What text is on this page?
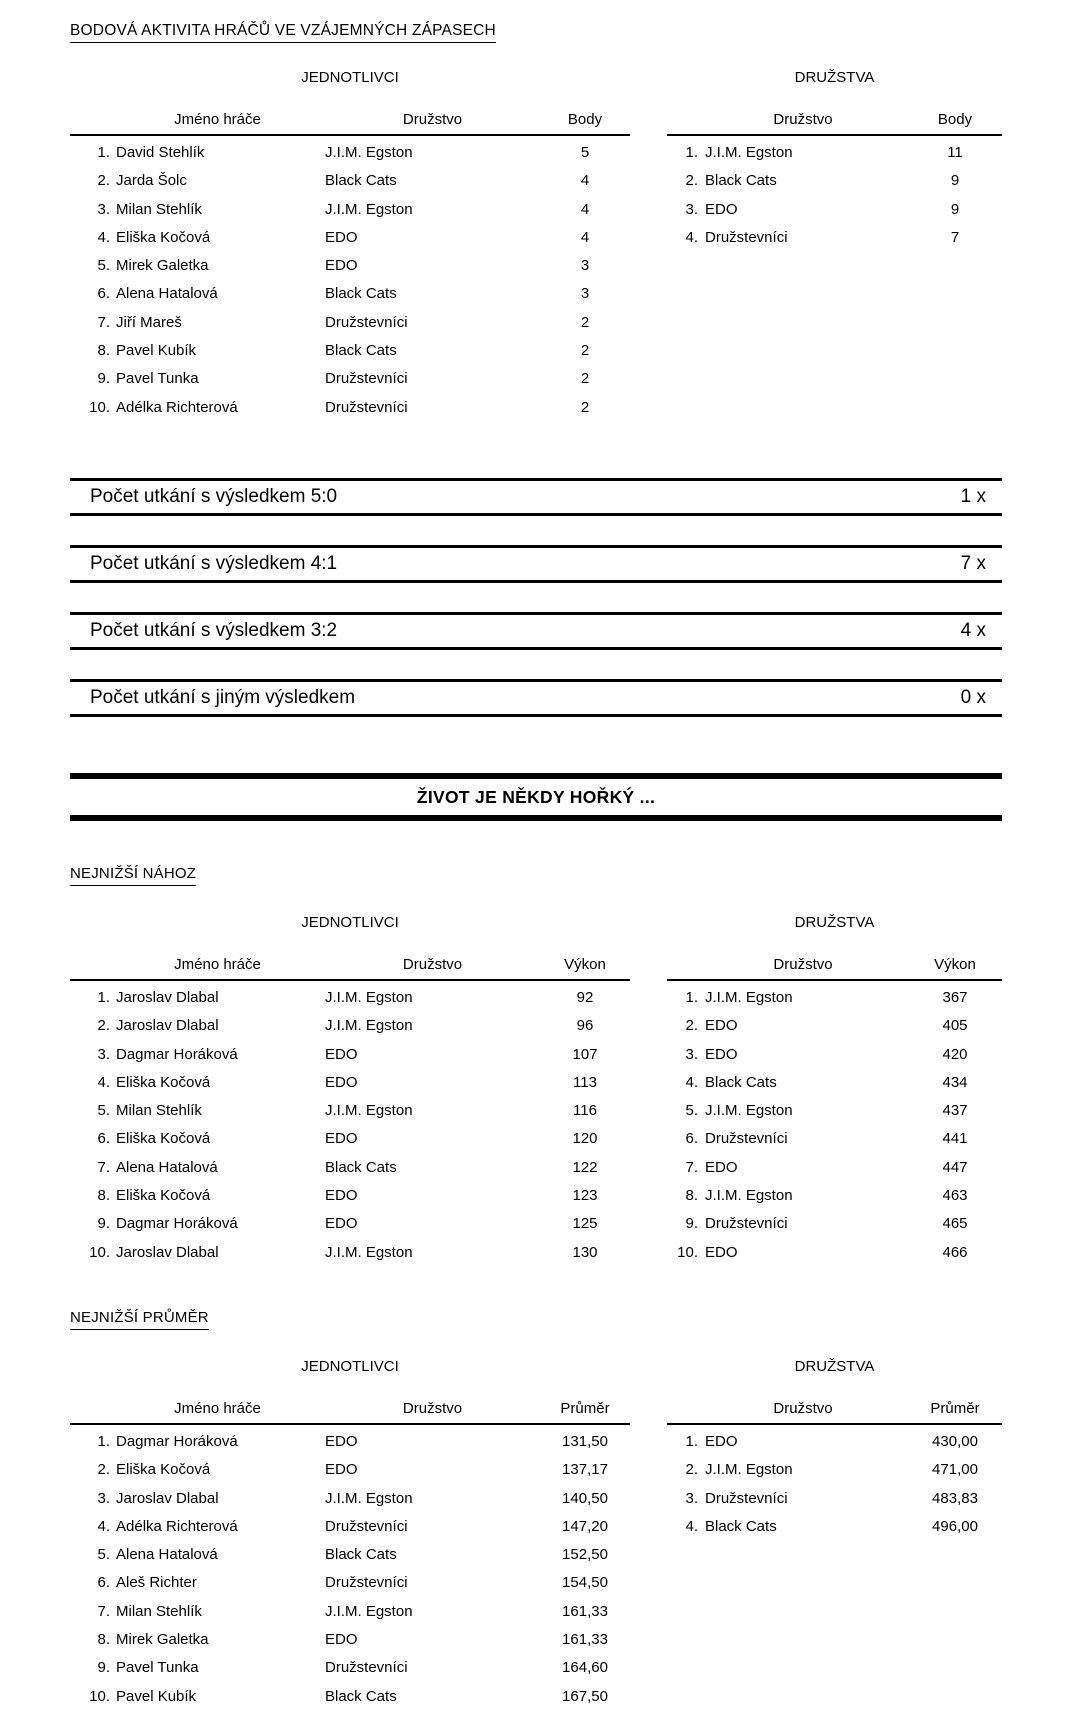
BODOVÁ AKTIVITA HRÁČŮ VE VZÁJEMNÝCH ZÁPASECH
JEDNOTLIVCI
	Jméno hráče	Družstvo	Body
1.	David Stehlík	J.I.M. Egston	5
2.	Jarda Šolc	Black Cats	4
3.	Milan Stehlík	J.I.M. Egston	4
4.	Eliška Kočová	EDO	4
5.	Mirek Galetka	EDO	3
6.	Alena Hatalová	Black Cats	3
7.	Jiří Mareš	Družstevníci	2
8.	Pavel Kubík	Black Cats	2
9.	Pavel Tunka	Družstevníci	2
10.	Adélka Richterová	Družstevníci	2
DRUŽSTVA
	Družstvo	Body
1.	J.I.M. Egston	11
2.	Black Cats	9
3.	EDO	9
4.	Družstevníci	7
Počet utkání s výsledkem 5:0	1 x
Počet utkání s výsledkem 4:1	7 x
Počet utkání s výsledkem 3:2	4 x
Počet utkání s jiným výsledkem	0 x
ŽIVOT JE NĚKDY HOŘKÝ ...
NEJNIŽŠÍ NÁHOZ
JEDNOTLIVCI
	Jméno hráče	Družstvo	Výkon
1.	Jaroslav Dlabal	J.I.M. Egston	92
2.	Jaroslav Dlabal	J.I.M. Egston	96
3.	Dagmar Horáková	EDO	107
4.	Eliška Kočová	EDO	113
5.	Milan Stehlík	J.I.M. Egston	116
6.	Eliška Kočová	EDO	120
7.	Alena Hatalová	Black Cats	122
8.	Eliška Kočová	EDO	123
9.	Dagmar Horáková	EDO	125
10.	Jaroslav Dlabal	J.I.M. Egston	130
DRUŽSTVA
	Družstvo	Výkon
1.	J.I.M. Egston	367
2.	EDO	405
3.	EDO	420
4.	Black Cats	434
5.	J.I.M. Egston	437
6.	Družstevníci	441
7.	EDO	447
8.	J.I.M. Egston	463
9.	Družstevníci	465
10.	EDO	466
NEJNIŽŠÍ PRŮMĚR
JEDNOTLIVCI
	Jméno hráče	Družstvo	Průměr
1.	Dagmar Horáková	EDO	131,50
2.	Eliška Kočová	EDO	137,17
3.	Jaroslav Dlabal	J.I.M. Egston	140,50
4.	Adélka Richterová	Družstevníci	147,20
5.	Alena Hatalová	Black Cats	152,50
6.	Aleš Richter	Družstevníci	154,50
7.	Milan Stehlík	J.I.M. Egston	161,33
8.	Mirek Galetka	EDO	161,33
9.	Pavel Tunka	Družstevníci	164,60
10.	Pavel Kubík	Black Cats	167,50
DRUŽSTVA
	Družstvo	Průměr
1.	EDO	430,00
2.	J.I.M. Egston	471,00
3.	Družstevníci	483,83
4.	Black Cats	496,00
